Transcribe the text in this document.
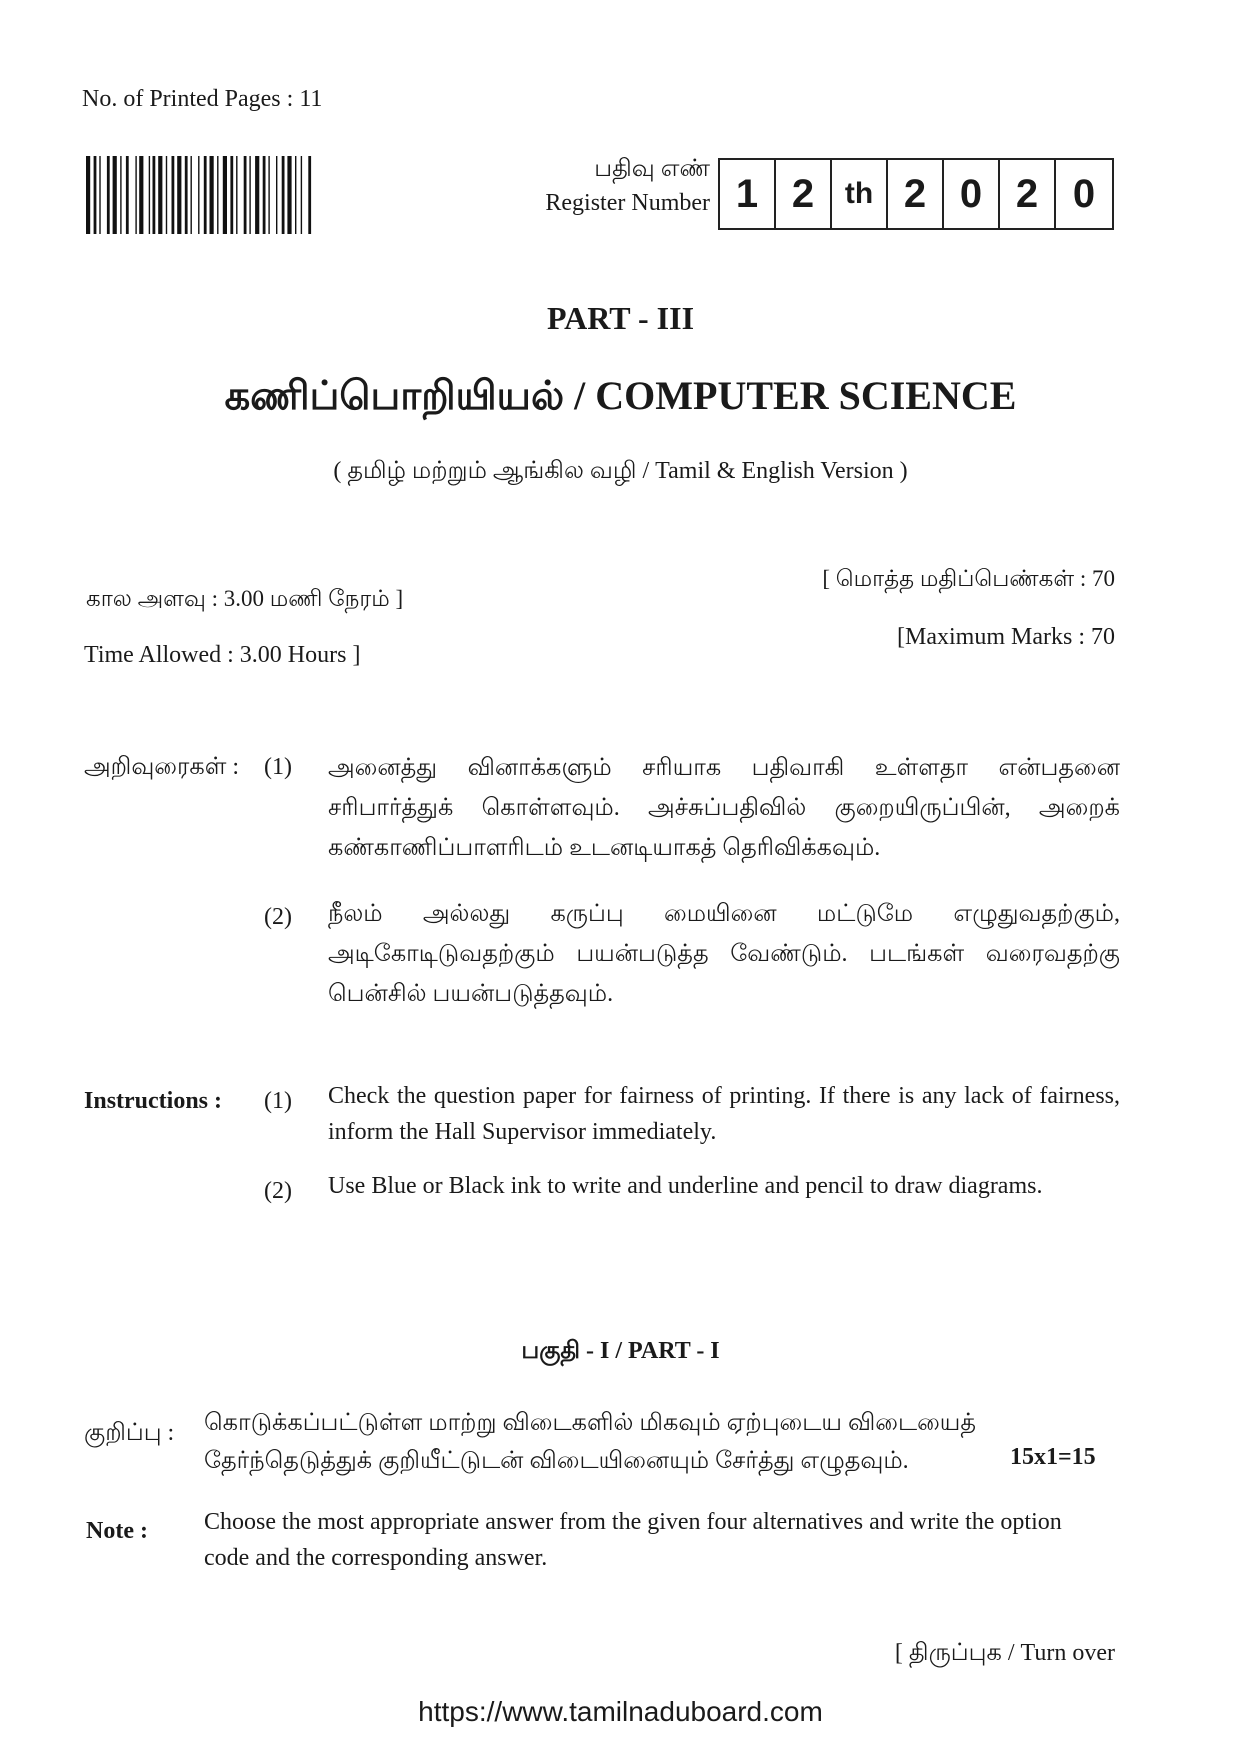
No. of Printed Pages : 11
பதிவு எண்
Register Number 1 2	th 2 0 2 0
PART - III
கணிப்பொறியியல் / COMPUTER SCIENCE
( தமிழ் மற்றும் ஆங்கில வழி / Tamil & English Version )
கால அளவு : 3.00 மணி நேரம் ]
Time Allowed : 3.00 Hours ]
[ மொத்த மதிப்பெண்கள் : 70
[Maximum Marks : 70
அறிவுரைகள் : (1) அனைத்து வினாக்களும் சரியாக பதிவாகி உள்ளதா என்பதனை சரிபார்த்துக் கொள்ளவும். அச்சுப்பதிவில் குறையிருப்பின், அறைக் கண்காணிப்பாளரிடம் உடனடியாகத் தெரிவிக்கவும்.
(2) நீலம் அல்லது கருப்பு மையினை மட்டுமே எழுதுவதற்கும், அடிகோடிடுவதற்கும் பயன்படுத்த வேண்டும். படங்கள் வரைவதற்கு பென்சில் பயன்படுத்தவும்.
Instructions : (1) Check the question paper for fairness of printing. If there is any lack of fairness, inform the Hall Supervisor immediately.
(2) Use Blue or Black ink to write and underline and pencil to draw diagrams.
பகுதி - I / PART - I
குறிப்பு : கொடுக்கப்பட்டுள்ள மாற்று விடைகளில் மிகவும் ஏற்புடைய விடையைத் தேர்ந்தெடுத்துக் குறியீட்டுடன் விடையினையும் சேர்த்து எழுதவும்.	15x1=15
Note : Choose the most appropriate answer from the given four alternatives and write the option code and the corresponding answer.
[ திருப்புக / Turn over
https://www.tamilnaduboard.com
